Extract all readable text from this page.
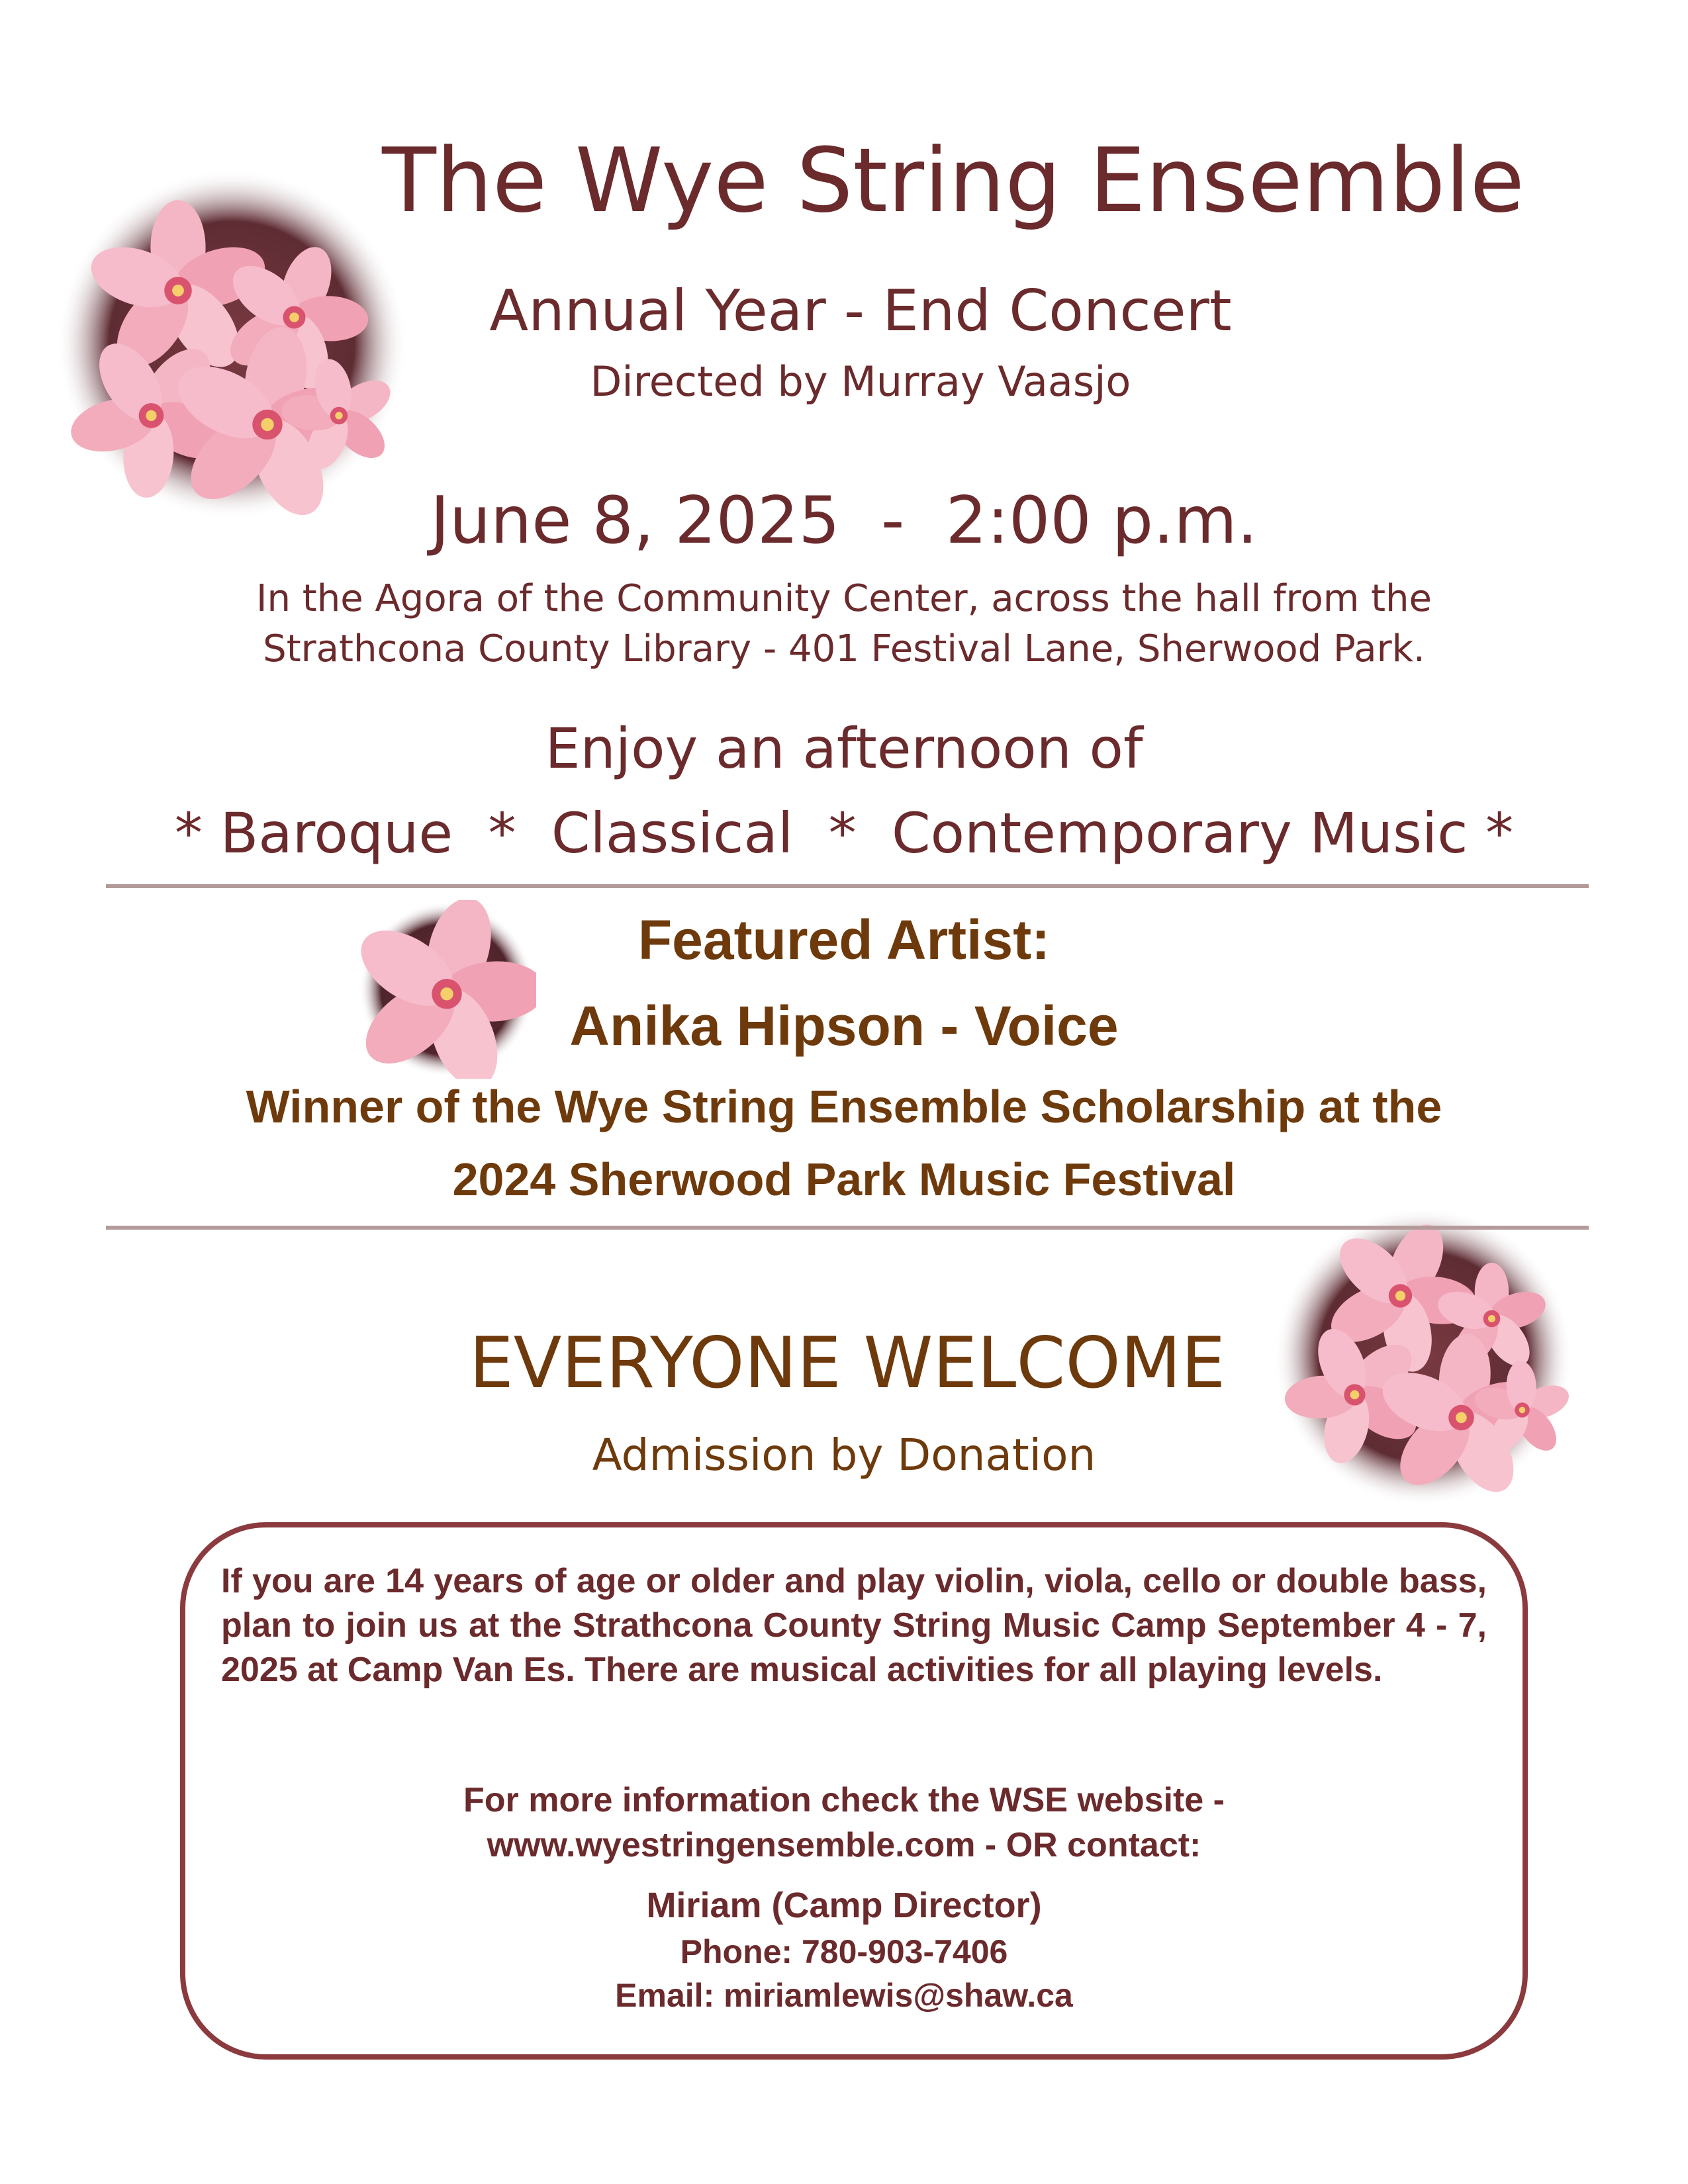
The Wye String Ensemble
Annual Year - End Concert
Directed by Murray Vaasjo
June 8, 2025  -  2:00 p.m.
In the Agora of the Community Center, across the hall from the
Strathcona County Library - 401 Festival Lane, Sherwood Park.
Enjoy an afternoon of
* Baroque  *  Classical  *  Contemporary Music *
Featured Artist:
Anika Hipson - Voice
Winner of the Wye String Ensemble Scholarship at the
2024 Sherwood Park Music Festival
EVERYONE WELCOME
Admission by Donation
If you are 14 years of age or older and play violin, viola, cello or double bass, plan to join us at the Strathcona County String Music Camp September 4 - 7, 2025 at Camp Van Es. There are musical activities for all playing levels.
For more information check the WSE website -
www.wyestringensemble.com - OR contact:
Miriam (Camp Director)
Phone: 780-903-7406
Email: miriamlewis@shaw.ca
